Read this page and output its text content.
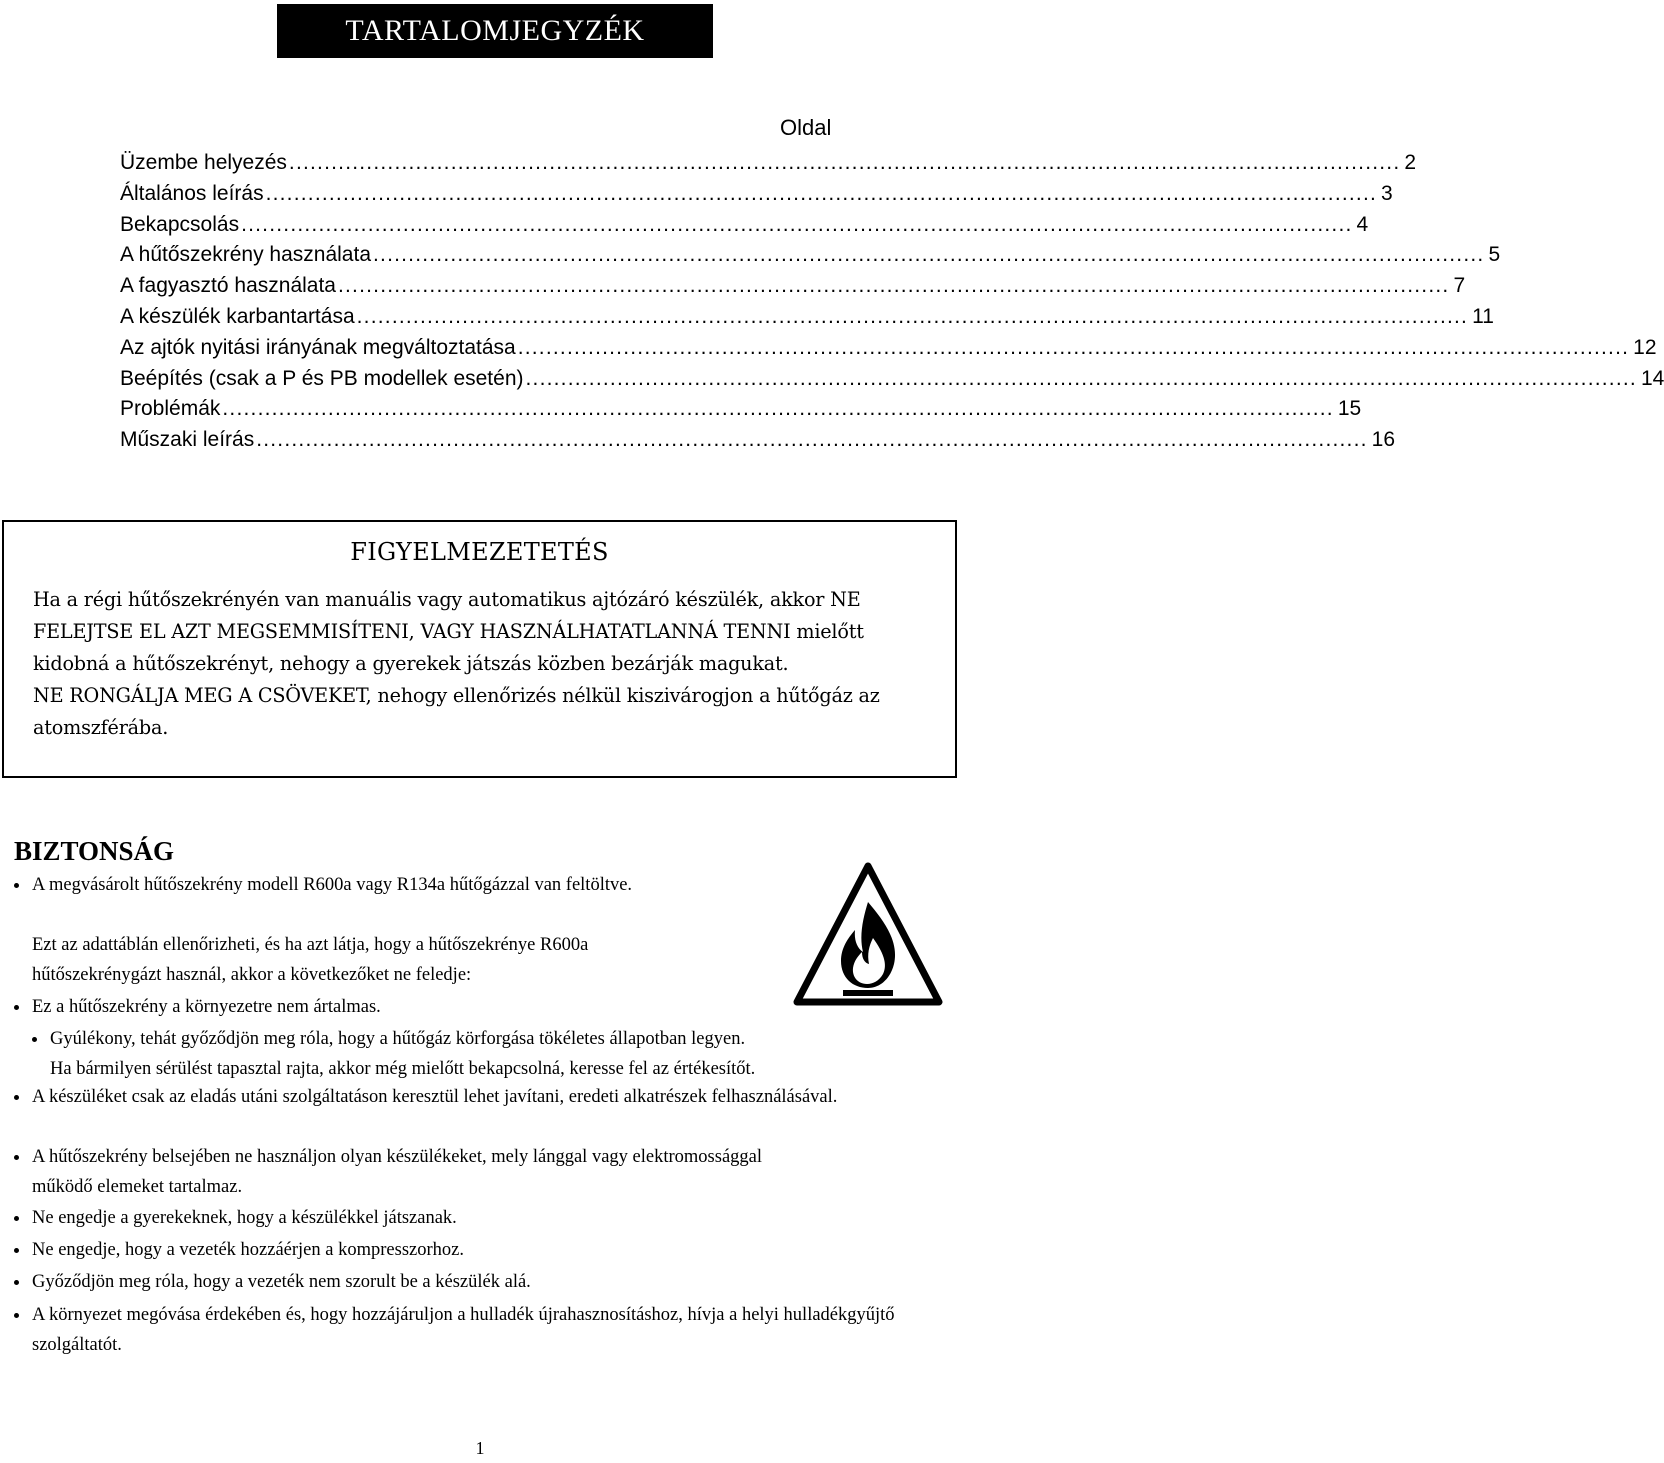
TARTALOMJEGYZÉK
Oldal
Üzembe helyezés .............................................................................................................................................................. 2
Általános leírás .............................................................................................................................................................. 3
Bekapcsolás .............................................................................................................................................................. 4
A hűtőszekrény használata .............................................................................................................................................................. 5
A fagyasztó használata .............................................................................................................................................................. 7
A készülék karbantartása .............................................................................................................................................................. 11
Az ajtók nyitási irányának megváltoztatása .............................................................................................................................................................. 12
Beépítés (csak a P és PB modellek esetén) .............................................................................................................................................................. 14
Problémák .............................................................................................................................................................. 15
Műszaki leírás .............................................................................................................................................................. 16
FIGYELMEZETETÉS

Ha a régi hűtőszekrényén van manuális vagy automatikus ajtózáró készülék, akkor NE FELEJTSE EL AZT MEGSEMMISÍTENI, VAGY HASZNÁLHATATLANNÁ TENNI mielőtt kidobná a hűtőszekrényt, nehogy a gyerekek játszás közben bezárják magukat.

NE RONGÁLJA MEG A CSÖVEKET, nehogy ellenőrizés nélkül kiszivárogjon a hűtőgáz az atomszférába.

BIZTONSÁG

A megvásárolt hűtőszekrény modell R600a vagy R134a hűtőgázzal van feltöltve.

Ezt az adattáblán ellenőrizheti, és ha azt látja, hogy a hűtőszekrénye R600a

hűtőszekrénygázt használ, akkor a következőket ne feledje:

Ez a hűtőszekrény a környezetre nem ártalmas.

Gyúlékony, tehát győződjön meg róla, hogy a hűtőgáz körforgása tökéletes állapotban legyen.

Ha bármilyen sérülést tapasztal rajta, akkor még mielőtt bekapcsolná, keresse fel az értékesítőt.

A készüléket csak az eladás utáni szolgáltatáson keresztül lehet javítani, eredeti alkatrészek felhasználásával.

A hűtőszekrény belsejében ne használjon olyan készülékeket, mely lánggal vagy elektromossággal működő elemeket tartalmaz.

Ne engedje a gyerekeknek, hogy a készülékkel játszanak.

Ne engedje, hogy a vezeték hozzáérjen a kompresszorhoz.

Győződjön meg róla, hogy a vezeték nem szorult be a készülék alá.

A környezet megóvása érdekében és, hogy hozzájáruljon a hulladék újrahasznosításhoz, hívja a helyi hulladékgyűjtő szolgáltatót.

1
